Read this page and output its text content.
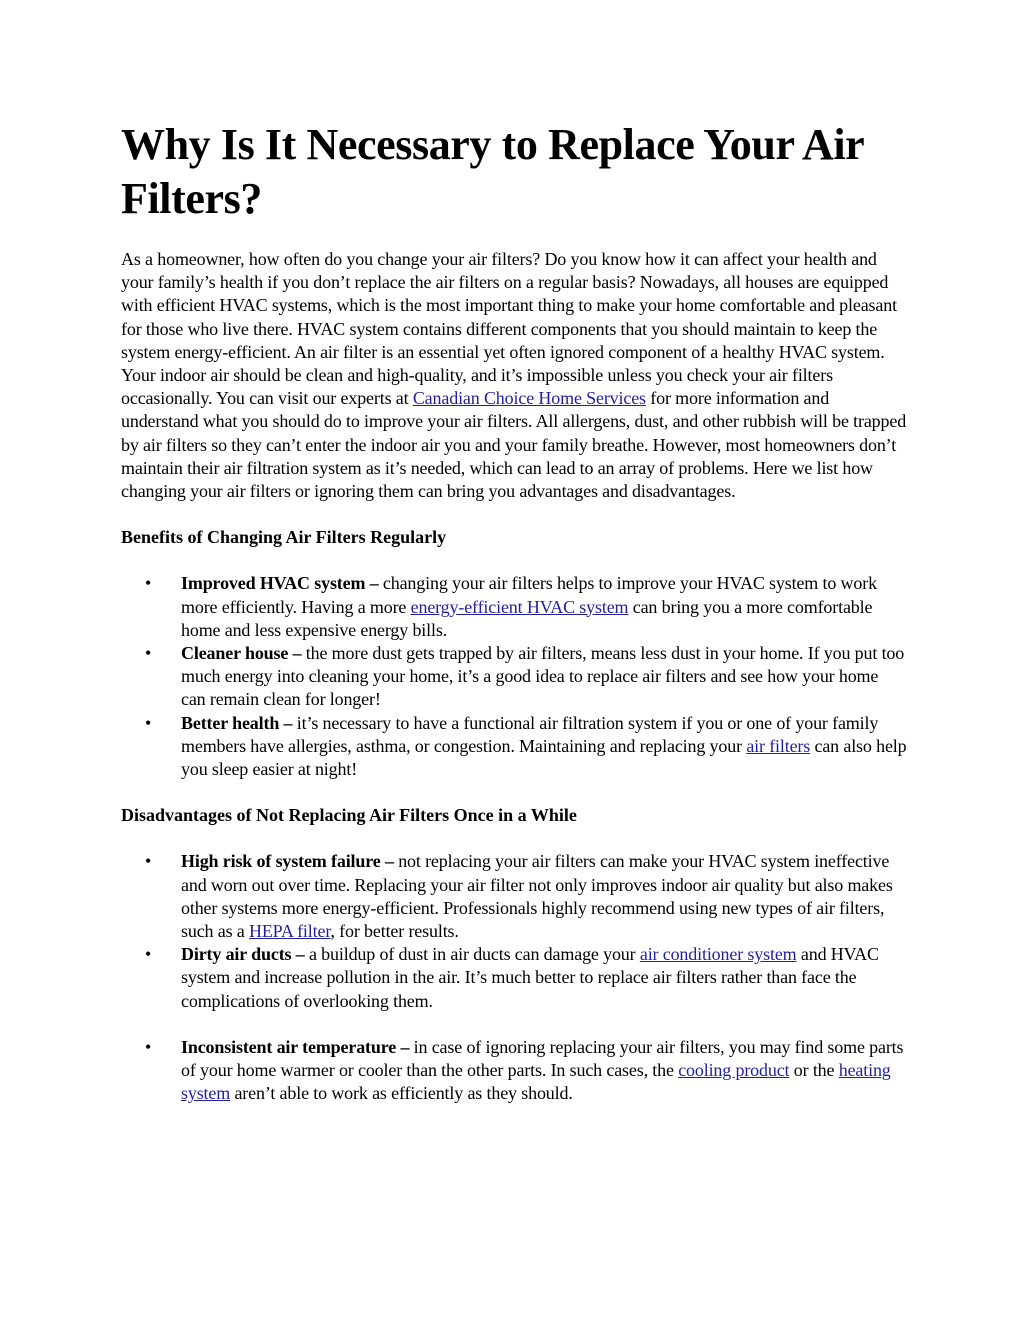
Why Is It Necessary to Replace Your Air Filters?

As a homeowner, how often do you change your air filters? Do you know how it can affect your health and your family’s health if you don’t replace the air filters on a regular basis? Nowadays, all houses are equipped with efficient HVAC systems, which is the most important thing to make your home comfortable and pleasant for those who live there. HVAC system contains different components that you should maintain to keep the system energy-efficient. An air filter is an essential yet often ignored component of a healthy HVAC system. Your indoor air should be clean and high-quality, and it’s impossible unless you check your air filters occasionally. You can visit our experts at Canadian Choice Home Services for more information and understand what you should do to improve your air filters. All allergens, dust, and other rubbish will be trapped by air filters so they can’t enter the indoor air you and your family breathe. However, most homeowners don’t maintain their air filtration system as it’s needed, which can lead to an array of problems. Here we list how changing your air filters or ignoring them can bring you advantages and disadvantages.

Benefits of Changing Air Filters Regularly
• Improved HVAC system – changing your air filters helps to improve your HVAC system to work more efficiently. Having a more energy-efficient HVAC system can bring you a more comfortable home and less expensive energy bills.
• Cleaner house – the more dust gets trapped by air filters, means less dust in your home. If you put too much energy into cleaning your home, it’s a good idea to replace air filters and see how your home can remain clean for longer!
• Better health – it’s necessary to have a functional air filtration system if you or one of your family members have allergies, asthma, or congestion. Maintaining and replacing your air filters can also help you sleep easier at night!
Disadvantages of Not Replacing Air Filters Once in a While
• High risk of system failure – not replacing your air filters can make your HVAC system ineffective and worn out over time. Replacing your air filter not only improves indoor air quality but also makes other systems more energy-efficient. Professionals highly recommend using new types of air filters, such as a HEPA filter, for better results.
• Dirty air ducts – a buildup of dust in air ducts can damage your air conditioner system and HVAC system and increase pollution in the air. It’s much better to replace air filters rather than face the complications of overlooking them.
• Inconsistent air temperature – in case of ignoring replacing your air filters, you may find some parts of your home warmer or cooler than the other parts. In such cases, the cooling product or the heating system aren’t able to work as efficiently as they should.
